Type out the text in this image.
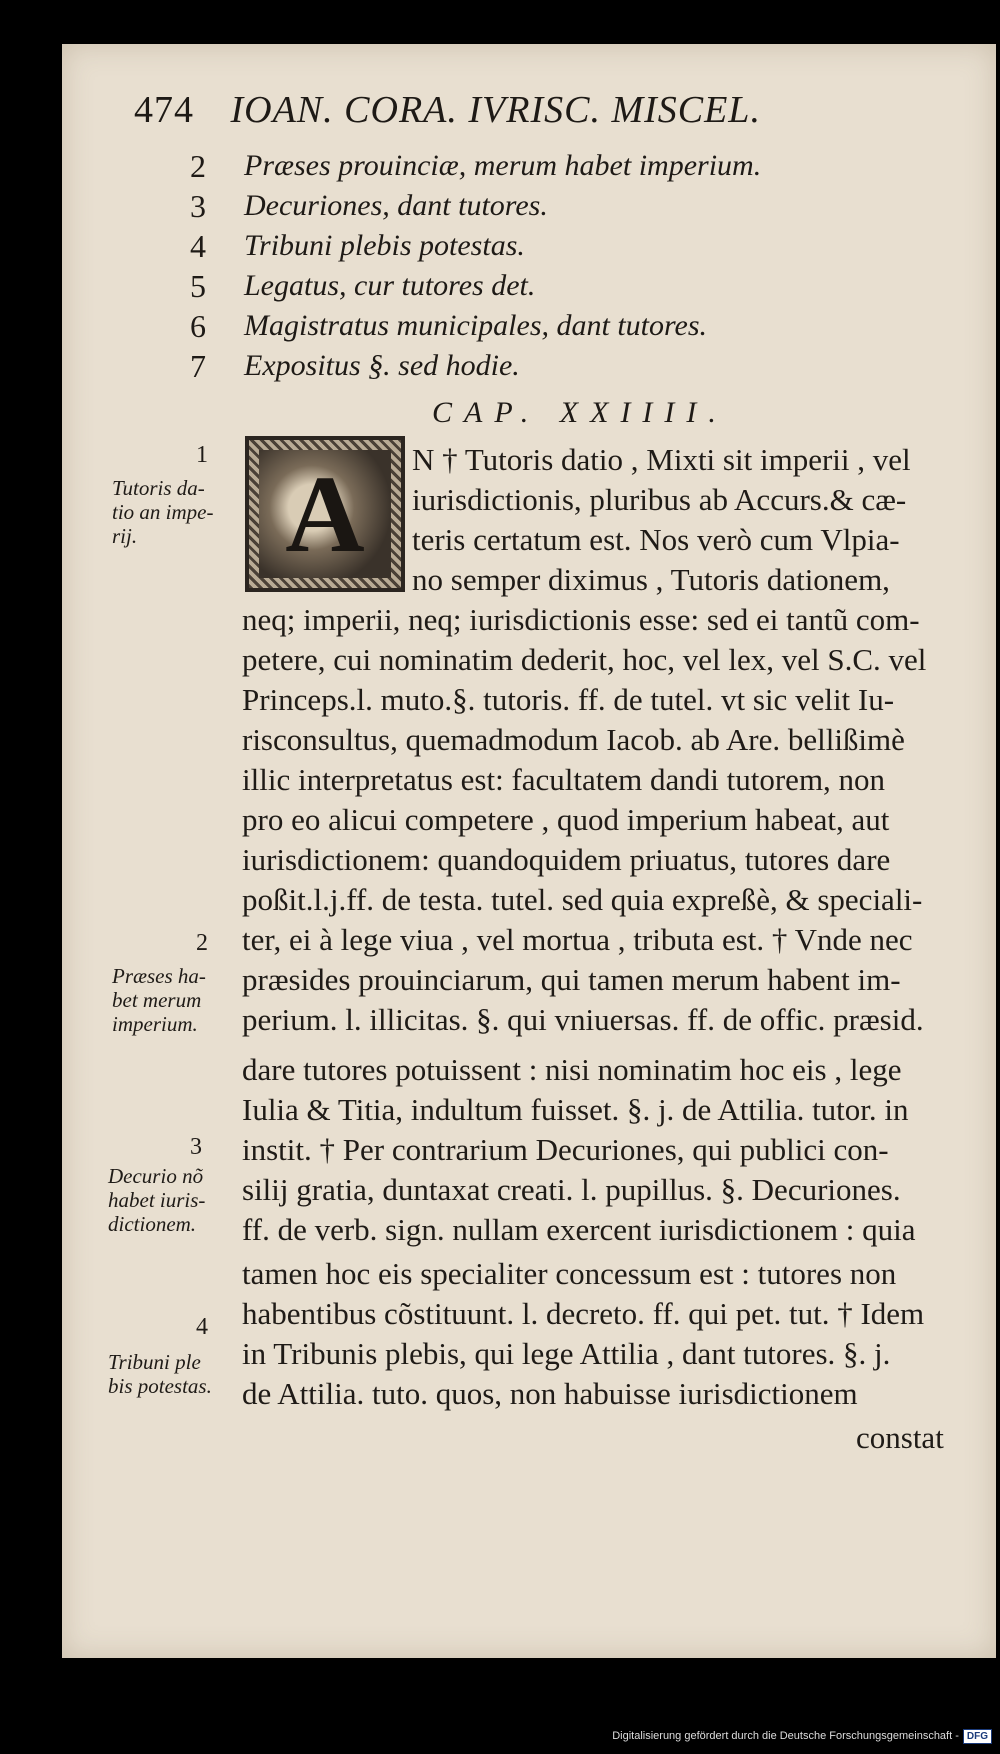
474 IOAN. CORA. IVRISC. MISCEL.
2	Præses prouinciæ, merum habet imperium.
3	Decuriones, dant tutores.
4	Tribuni plebis potestas.
5	Legatus, cur tutores det.
6	Magistratus municipales, dant tutores.
7	Expositus §. sed hodie.
CAP. XXIIII.
A N † Tutoris datio , Mixti sit imperii , vel
iurisdictionis, pluribus ab Accurs.& cæ-
teris certatum est. Nos verò cum Vlpia-
no semper diximus , Tutoris dationem,
neq; imperii, neq; iurisdictionis esse: sed ei tantũ com-
petere, cui nominatim dederit, hoc, vel lex, vel S.C. vel
Princeps.l. muto.§. tutoris. ff. de tutel. vt sic velit Iu-
risconsultus, quemadmodum Iacob. ab Are. bellißimè
illic interpretatus est: facultatem dandi tutorem, non
pro eo alicui competere , quod imperium habeat, aut
iurisdictionem: quandoquidem priuatus, tutores dare
poßit.l.j.ff. de testa. tutel. sed quia expreßè, & speciali-
ter, ei à lege viua , vel mortua , tributa est. † Vnde nec
præsides prouinciarum, qui tamen merum habent im-
perium. l. illicitas. §. qui vniuersas. ff. de offic. præsid.
dare tutores potuissent : nisi nominatim hoc eis , lege
Iulia & Titia, indultum fuisset. §. j. de Attilia. tutor. in
instit. † Per contrarium Decuriones, qui publici con-
silij gratia, duntaxat creati. l. pupillus. §. Decuriones.
ff. de verb. sign. nullam exercent iurisdictionem : quia
tamen hoc eis specialiter concessum est : tutores non
habentibus cõstituunt. l. decreto. ff. qui pet. tut. † Idem
in Tribunis plebis, qui lege Attilia , dant tutores. §. j.
de Attilia. tuto. quos, non habuisse iurisdictionem
constat
1
Tutoris da-
tio an impe-
rij.
2
Præses ha-
bet merum
imperium.
3
Decurio nõ
habet iuris-
dictionem.
4
Tribuni ple
bis potestas.
Digitalisierung gefördert durch die Deutsche Forschungsgemeinschaft - DFG
